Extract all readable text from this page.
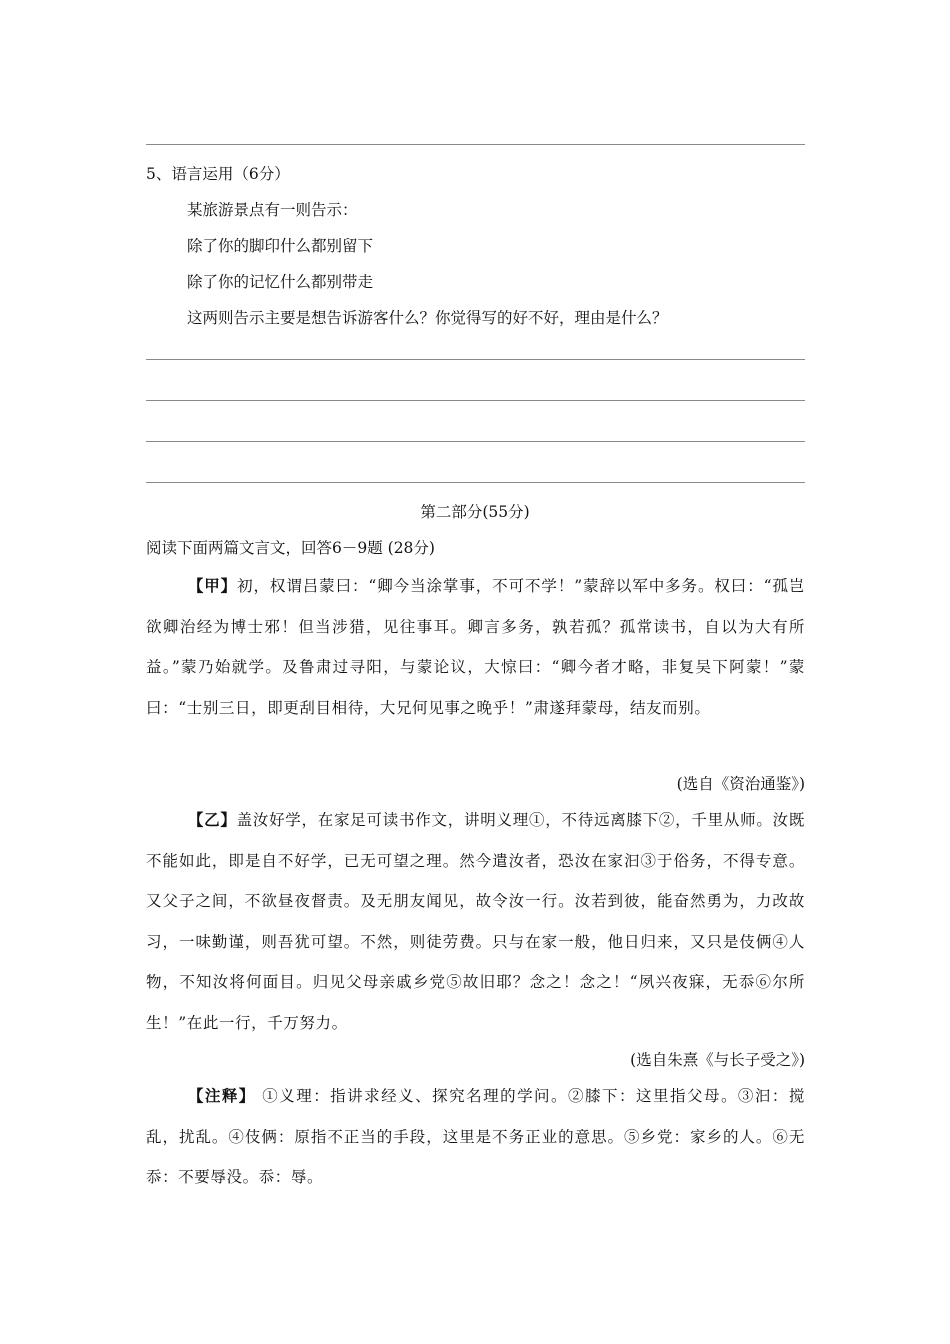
5、语言运用（6分）
某旅游景点有一则告示：
除了你的脚印什么都别留下
除了你的记忆什么都别带走
这两则告示主要是想告诉游客什么？你觉得写的好不好，理由是什么？
第二部分(55分)
阅读下面两篇文言文，回答6－9题 (28分)
【甲】初，权谓吕蒙曰：“卿今当涂掌事，不可不学！”蒙辞以军中多务。权曰：“孤岂欲卿治经为博士邪！但当涉猎，见往事耳。卿言多务，孰若孤？孤常读书，自以为大有所益。”蒙乃始就学。及鲁肃过寻阳，与蒙论议，大惊曰：“卿今者才略，非复吴下阿蒙！”蒙曰：“士别三日，即更刮目相待，大兄何见事之晚乎！”肃遂拜蒙母，结友而别。
(选自《资治通鉴》)
【乙】盖汝好学，在家足可读书作文，讲明义理①，不待远离膝下②，千里从师。汝既不能如此，即是自不好学，已无可望之理。然今遣汝者，恐汝在家汩③于俗务，不得专意。又父子之间，不欲昼夜督责。及无朋友闻见，故令汝一行。汝若到彼，能奋然勇为，力改故习，一味勤谨，则吾犹可望。不然，则徒劳费。只与在家一般，他日归来，又只是伎俩④人物，不知汝将何面目。归见父母亲戚乡党⑤故旧耶？念之！念之！“夙兴夜寐，无忝⑥尔所生！”在此一行，千万努力。
(选自朱熹《与长子受之》)
【注释】 ①义理：指讲求经义、探究名理的学问。②膝下：这里指父母。③汩：搅乱，扰乱。④伎俩：原指不正当的手段，这里是不务正业的意思。⑤乡党：家乡的人。⑥无忝：不要辱没。忝：辱。
